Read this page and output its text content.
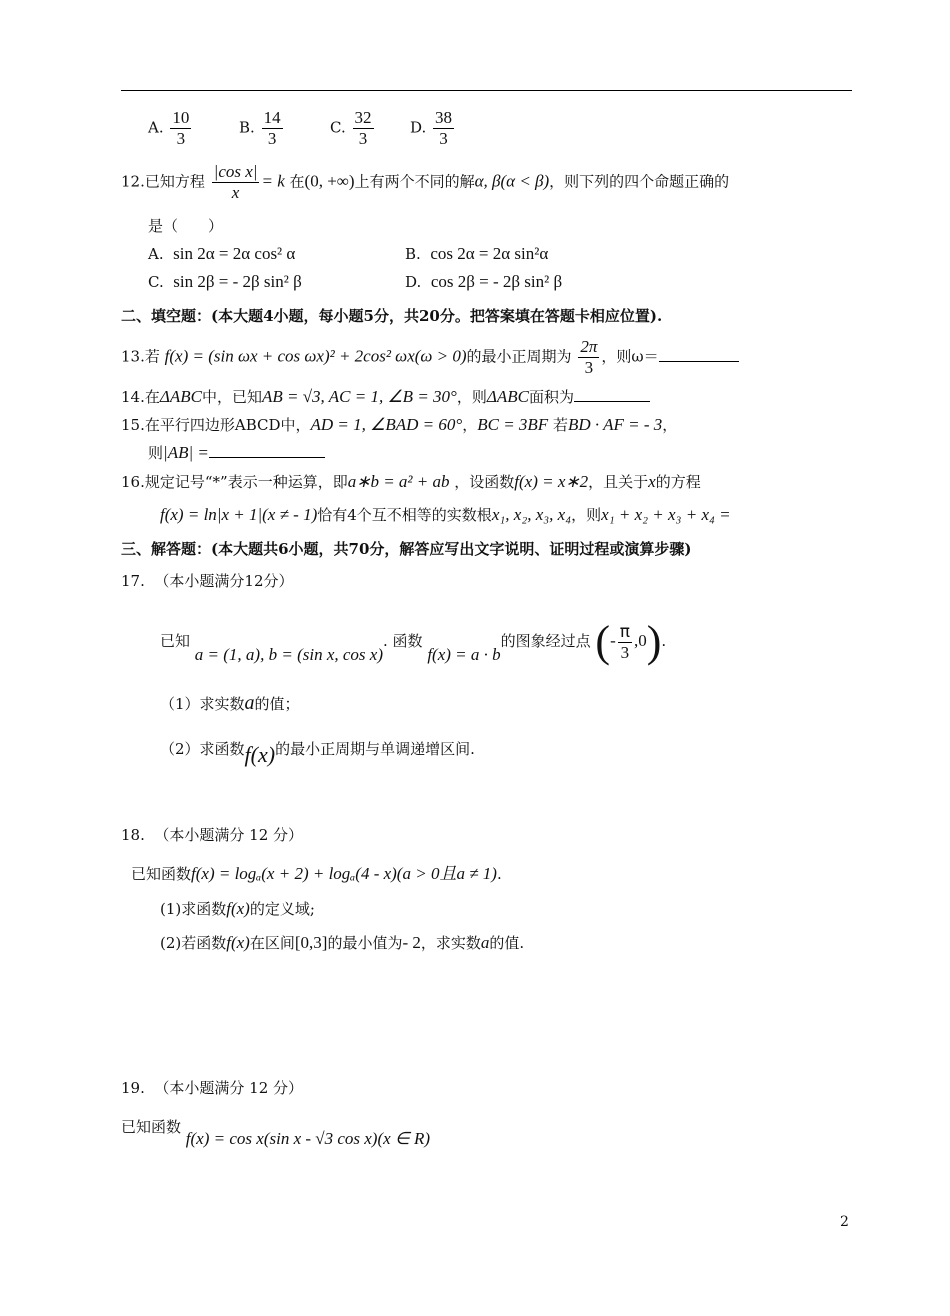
A. $\frac{10}{3}$	B. $\frac{14}{3}$	C. $\frac{32}{3} D$. $\frac{38}{3}$
12.已知方程 $\frac{\text{|cos x|}}{x} = k$ 在(0, +∞)上有两个不同的解α, β(α < β)，则下列的四个命题正确的
是（　　）
A. sin 2α = 2α cos² α	B. cos 2α = 2α sin²α
C. sin 2β = - 2β sin² β	D. cos 2β = - 2β sin² β
二、填空题：(本大题4小题，每小题5分，共20分。把答案填在答题卡相应位置).
13.若 f(x) = (sin ωx + cos ωx)² + 2cos² ωx(ω > 0)的最小正周期为 $\frac{2\pi}{3}$ ，则ω＝
14.在ΔABC中，已知AB = √3, AC = 1, ∠B = 30°，则ΔABC面积为
15.在平行四边形ABCD中，AD = 1, ∠BAD = 60°，BC = 3BF 若BD · AF = - 3，
则|AB| =
16.规定记号“*”表示一种运算，即a∗b = a² + ab ，设函数f(x) = x∗2，且关于x的方程
f(x) = ln|x + 1|(x ≠ - 1)恰有4个互不相等的实数根x₁, x₂, x₃, x₄，则x₁ + x₂ + x₃ + x₄ =
三、解答题：(本大题共6小题，共70分，解答应写出文字说明、证明过程或演算步骤)
17. （本小题满分12分）
已知 a = (1, a), b = (sin x, cos x). 函数 f(x) = a · b的图象经过点 (- $\frac{\pi}{3} ,0$).
（1）求实数a的值；
（2）求函数f(x)的最小正周期与单调递增区间.
18. （本小题满分 12 分）
已知函数f(x) = logₐ(x + 2) + logₐ(4 - x)(a > 0且a ≠ 1).
(1)求函数f(x)的定义域;
(2)若函数f(x)在区间[0,3]的最小值为- 2，求实数a的值.
19. （本小题满分 12 分）
已知函数 f(x) = cos x(sin x - √3 cos x)(x ∈ R)
2
